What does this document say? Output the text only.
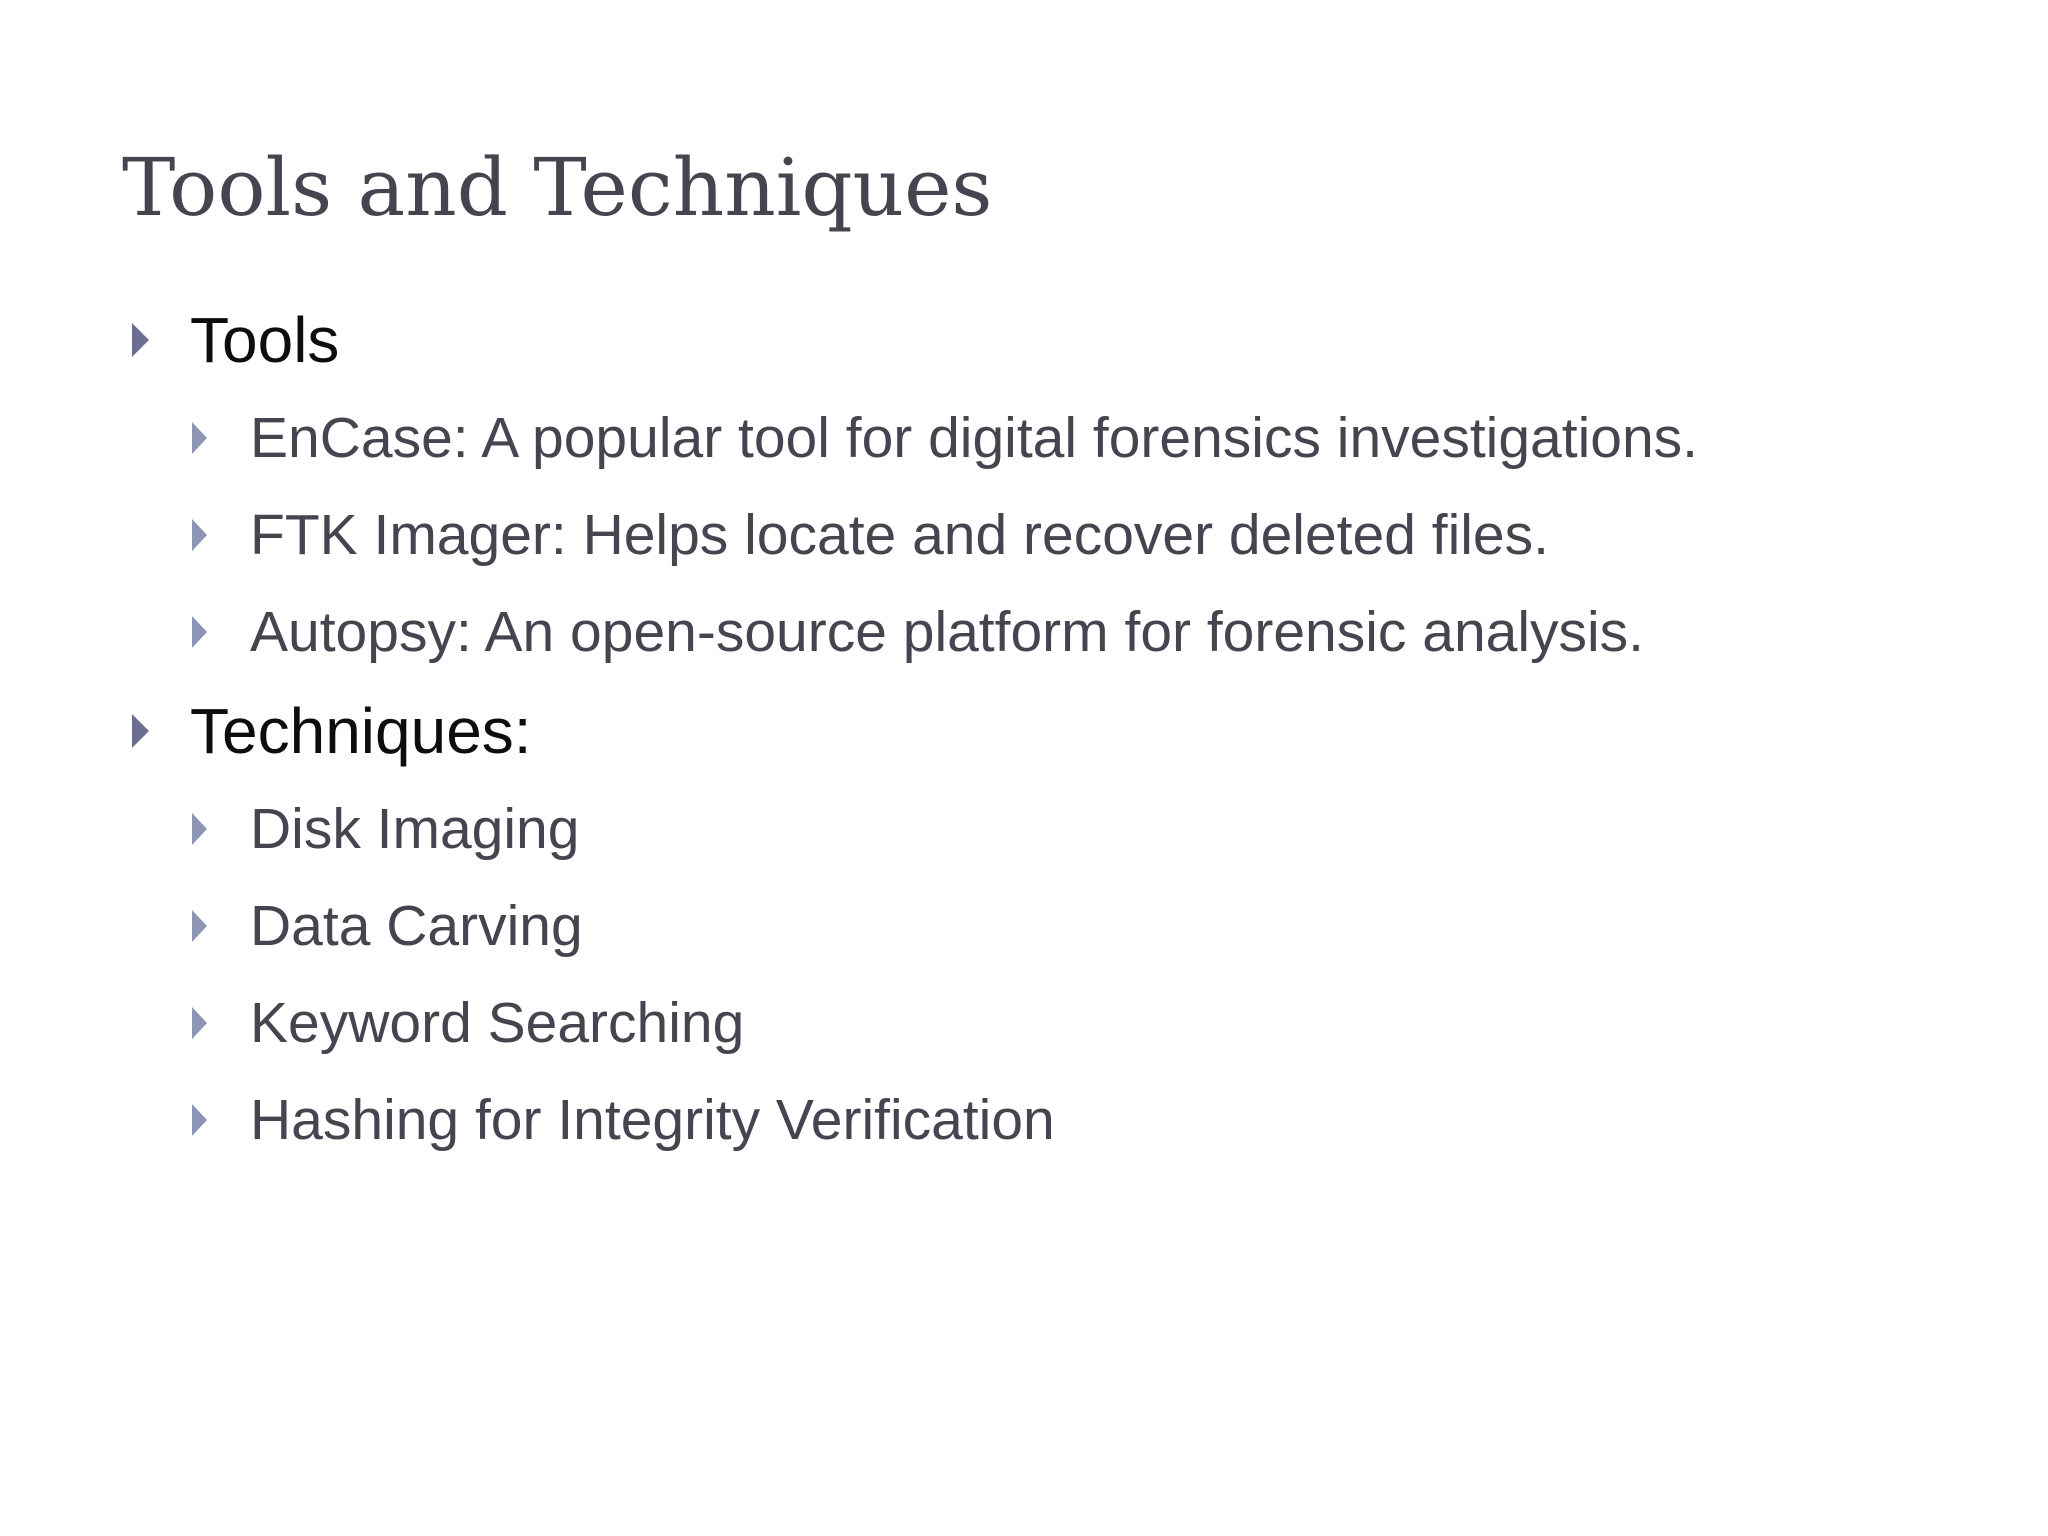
Tools and Techniques
Tools
EnCase: A popular tool for digital forensics investigations.
FTK Imager: Helps locate and recover deleted files.
Autopsy: An open-source platform for forensic analysis.
Techniques:
Disk Imaging
Data Carving
Keyword Searching
Hashing for Integrity Verification
